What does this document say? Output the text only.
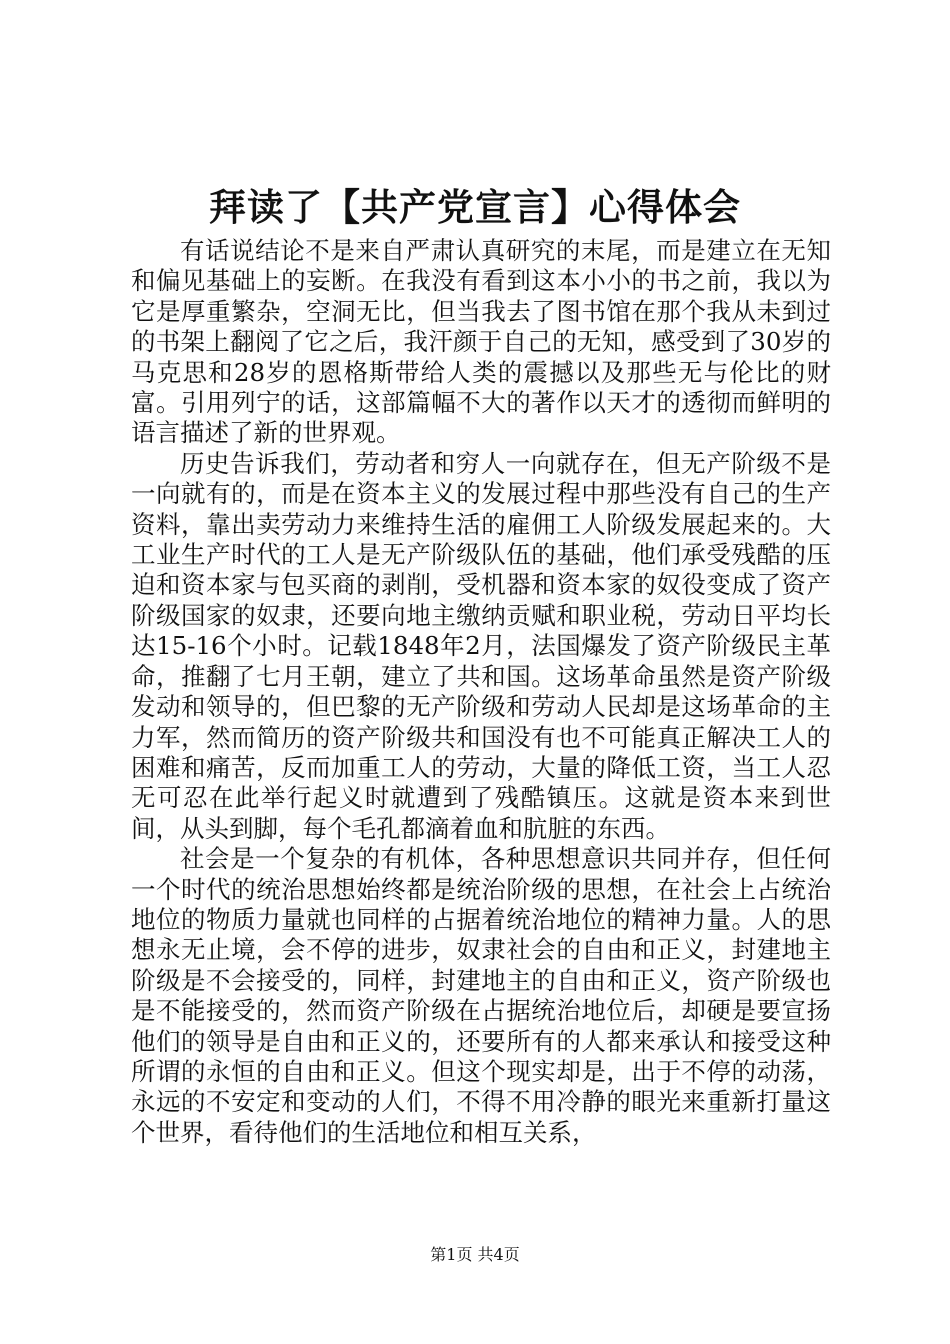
拜读了【共产党宣言】心得体会

有话说结论不是来自严肃认真研究的末尾，而是建立在无知和偏见基础上的妄断。在我没有看到这本小小的书之前，我以为它是厚重繁杂，空洞无比，但当我去了图书馆在那个我从未到过的书架上翻阅了它之后，我汗颜于自己的无知，感受到了30岁的马克思和28岁的恩格斯带给人类的震撼以及那些无与伦比的财富。引用列宁的话，这部篇幅不大的著作以天才的透彻而鲜明的语言描述了新的世界观。

历史告诉我们，劳动者和穷人一向就存在，但无产阶级不是一向就有的，而是在资本主义的发展过程中那些没有自己的生产资料，靠出卖劳动力来维持生活的雇佣工人阶级发展起来的。大工业生产时代的工人是无产阶级队伍的基础，他们承受残酷的压迫和资本家与包买商的剥削，受机器和资本家的奴役变成了资产阶级国家的奴隶，还要向地主缴纳贡赋和职业税，劳动日平均长达15-16个小时。记载1848年2月，法国爆发了资产阶级民主革命，推翻了七月王朝，建立了共和国。这场革命虽然是资产阶级发动和领导的，但巴黎的无产阶级和劳动人民却是这场革命的主力军，然而简历的资产阶级共和国没有也不可能真正解决工人的困难和痛苦，反而加重工人的劳动，大量的降低工资，当工人忍无可忍在此举行起义时就遭到了残酷镇压。这就是资本来到世间，从头到脚，每个毛孔都滴着血和肮脏的东西。

社会是一个复杂的有机体，各种思想意识共同并存，但任何一个时代的统治思想始终都是统治阶级的思想，在社会上占统治地位的物质力量就也同样的占据着统治地位的精神力量。人的思想永无止境，会不停的进步，奴隶社会的自由和正义，封建地主阶级是不会接受的，同样，封建地主的自由和正义，资产阶级也是不能接受的，然而资产阶级在占据统治地位后，却硬是要宣扬他们的领导是自由和正义的，还要所有的人都来承认和接受这种所谓的永恒的自由和正义。但这个现实却是，出于不停的动荡，永远的不安定和变动的人们，不得不用冷静的眼光来重新打量这个世界，看待他们的生活地位和相互关系，

第1页 共4页
